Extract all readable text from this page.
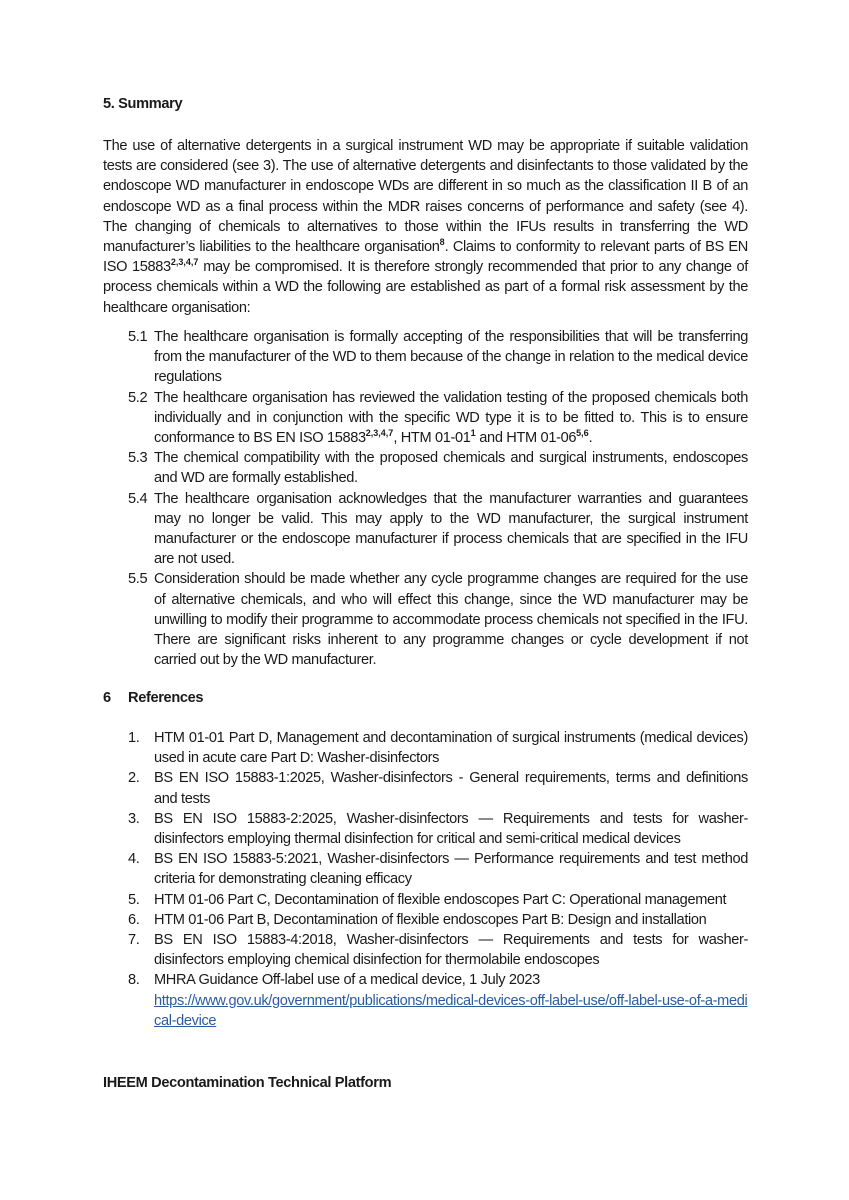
5. Summary

The use of alternative detergents in a surgical instrument WD may be appropriate if suitable validation tests are considered (see 3). The use of alternative detergents and disinfectants to those validated by the endoscope WD manufacturer in endoscope WDs are different in so much as the classification II B of an endoscope WD as a final process within the MDR raises concerns of performance and safety (see 4). The changing of chemicals to alternatives to those within the IFUs results in transferring the WD manufacturer’s liabilities to the healthcare organisation$^8$. Claims to conformity to relevant parts of BS EN ISO 15883$^{2,3,4,7}$ may be compromised. It is therefore strongly recommended that prior to any change of process chemicals within a WD the following are established as part of a formal risk assessment by the healthcare organisation:

5.1 The healthcare organisation is formally accepting of the responsibilities that will be transferring from the manufacturer of the WD to them because of the change in relation to the medical device regulations
5.2 The healthcare organisation has reviewed the validation testing of the proposed chemicals both individually and in conjunction with the specific WD type it is to be fitted to. This is to ensure conformance to BS EN ISO 15883$^{2,3,4,7}$, HTM $01-01^1$ and HTM 01-06$^{5,6}$.
5.3 The chemical compatibility with the proposed chemicals and surgical instruments, endoscopes and WD are formally established.
5.4 The healthcare organisation acknowledges that the manufacturer warranties and guarantees may no longer be valid. This may apply to the WD manufacturer, the surgical instrument manufacturer or the endoscope manufacturer if process chemicals that are specified in the IFU are not used.
5.5 Consideration should be made whether any cycle programme changes are required for the use of alternative chemicals, and who will effect this change, since the WD manufacturer may be unwilling to modify their programme to accommodate process chemicals not specified in the IFU. There are significant risks inherent to any programme changes or cycle development if not carried out by the WD manufacturer.
6 References
1. HTM 01-01 Part D, Management and decontamination of surgical instruments (medical devices) used in acute care Part D: Washer-disinfectors
2. BS EN ISO 15883-1:2025, Washer-disinfectors - General requirements, terms and definitions and tests
3. BS EN ISO 15883-2:2025, Washer-disinfectors — Requirements and tests for washer-disinfectors employing thermal disinfection for critical and semi-critical medical devices
4. BS EN ISO 15883-5:2021, Washer-disinfectors — Performance requirements and test method criteria for demonstrating cleaning efficacy
5. HTM 01-06 Part C, Decontamination of flexible endoscopes Part C: Operational management
6. HTM 01-06 Part B, Decontamination of flexible endoscopes Part B: Design and installation
7. BS EN ISO 15883-4:2018, Washer-disinfectors — Requirements and tests for washer-disinfectors employing chemical disinfection for thermolabile endoscopes
8. MHRA Guidance Off-label use of a medical device, 1 July 2023
https://www.gov.uk/government/publications/medical-devices-off-label-use/off-label-use-of-a-medical-device
IHEEM Decontamination Technical Platform
